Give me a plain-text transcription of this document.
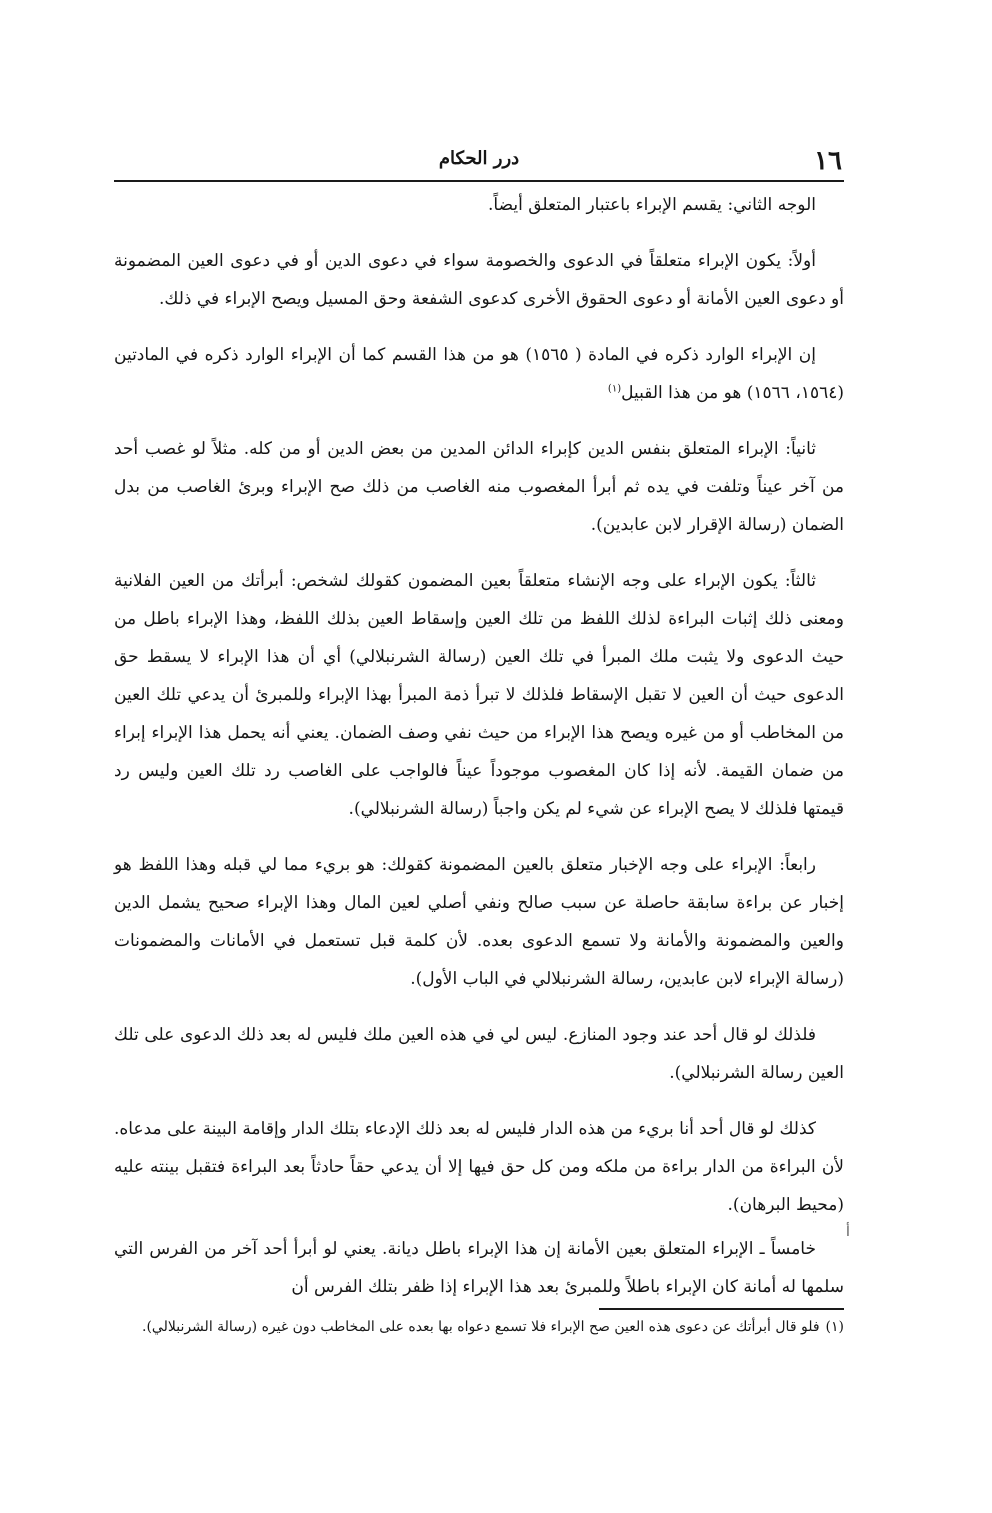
١٦
درر الحكام

الوجه الثاني: يقسم الإبراء باعتبار المتعلق أيضاً.

أولاً: يكون الإبراء متعلقاً في الدعوى والخصومة سواء في دعوى الدين أو في دعوى العين المضمونة أو دعوى العين الأمانة أو دعوى الحقوق الأخرى كدعوى الشفعة وحق المسيل ويصح الإبراء في ذلك.

إن الإبراء الوارد ذكره في المادة ( ١٥٦٥) هو من هذا القسم كما أن الإبراء الوارد ذكره في المادتين (١٥٦٤، ١٥٦٦) هو من هذا القبيل$^{(١)}$

ثانياً: الإبراء المتعلق بنفس الدين كإبراء الدائن المدين من بعض الدين أو من كله. مثلاً لو غصب أحد من آخر عيناً وتلفت في يده ثم أبرأ المغصوب منه الغاصب من ذلك صح الإبراء وبرئ الغاصب من بدل الضمان (رسالة الإقرار لابن عابدين).

ثالثاً: يكون الإبراء على وجه الإنشاء متعلقاً بعين المضمون كقولك لشخص: أبرأتك من العين الفلانية ومعنى ذلك إثبات البراءة لذلك اللفظ من تلك العين وإسقاط العين بذلك اللفظ، وهذا الإبراء باطل من حيث الدعوى ولا يثبت ملك المبرأ في تلك العين (رسالة الشرنبلالي) أي أن هذا الإبراء لا يسقط حق الدعوى حيث أن العين لا تقبل الإسقاط فلذلك لا تبرأ ذمة المبرأ بهذا الإبراء وللمبرئ أن يدعي تلك العين من المخاطب أو من غيره ويصح هذا الإبراء من حيث نفي وصف الضمان. يعني أنه يحمل هذا الإبراء إبراء من ضمان القيمة. لأنه إذا كان المغصوب موجوداً عيناً فالواجب على الغاصب رد تلك العين وليس رد قيمتها فلذلك لا يصح الإبراء عن شيء لم يكن واجباً (رسالة الشرنبلالي).

رابعاً: الإبراء على وجه الإخبار متعلق بالعين المضمونة كقولك: هو بريء مما لي قبله وهذا اللفظ هو إخبار عن براءة سابقة حاصلة عن سبب صالح ونفي أصلي لعين المال وهذا الإبراء صحيح يشمل الدين والعين والمضمونة والأمانة ولا تسمع الدعوى بعده. لأن كلمة قبل تستعمل في الأمانات والمضمونات (رسالة الإبراء لابن عابدين، رسالة الشرنبلالي في الباب الأول).

فلذلك لو قال أحد عند وجود المنازع. ليس لي في هذه العين ملك فليس له بعد ذلك الدعوى على تلك العين رسالة الشرنبلالي).

كذلك لو قال أحد أنا بريء من هذه الدار فليس له بعد ذلك الإدعاء بتلك الدار وإقامة البينة على مدعاه. لأن البراءة من الدار براءة من ملكه ومن كل حق فيها إلا أن يدعي حقاً حادثاً بعد البراءة فتقبل بينته عليه (محيط البرهان).

خامساً ـ الإبراء المتعلق بعين الأمانة إن هذا الإبراء باطل ديانة. يعني لو أبرأ أحد آخر من الفرس التي سلمها له أمانة كان الإبراء باطلاً وللمبرئ بعد هذا الإبراء إذا ظفر بتلك الفرس أن

ﺃ

(١)فلو قال أبرأتك عن دعوى هذه العين صح الإبراء فلا تسمع دعواه بها بعده على المخاطب دون غيره (رسالة الشرنبلالي).
